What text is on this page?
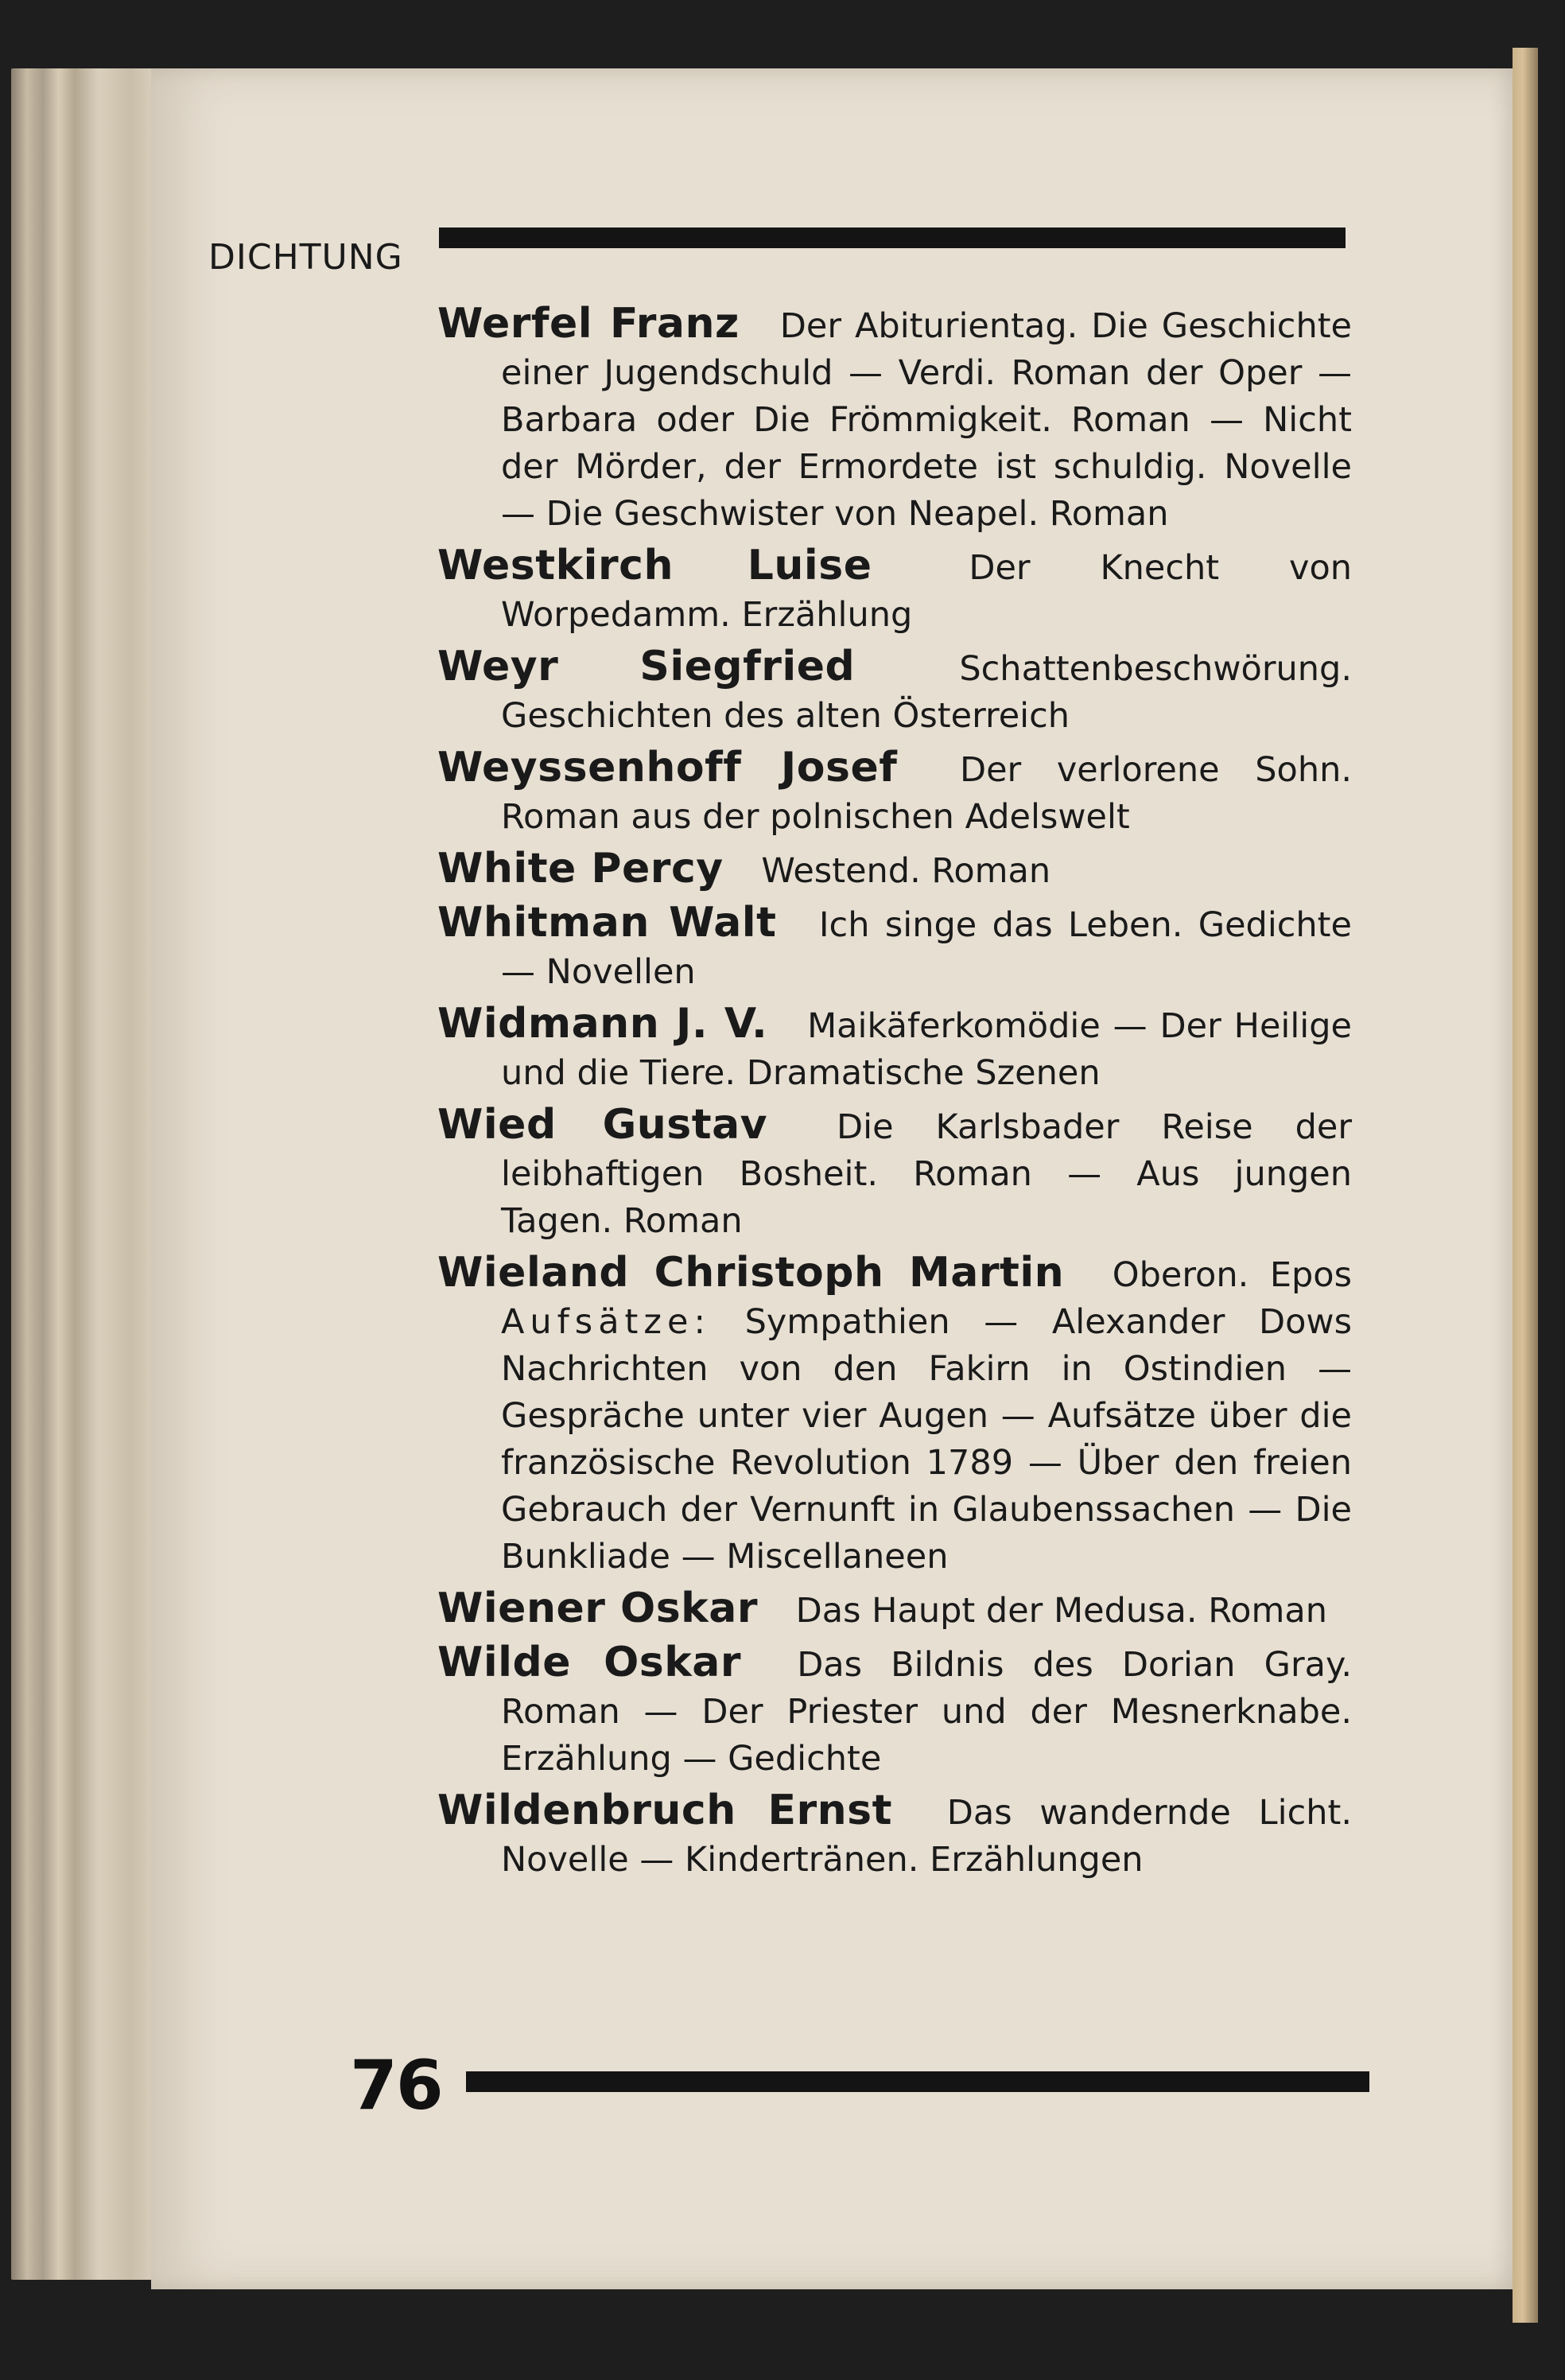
DICHTUNG

Werfel Franz Der Abiturientag. Die Geschichte einer Jugendschuld — Verdi. Roman der Oper — Barbara oder Die Frömmigkeit. Roman — Nicht der Mörder, der Ermordete ist schuldig. Novelle — Die Geschwister von Neapel. Roman

Westkirch Luise	Der Knecht von Worpedamm. Erzählung

Weyr Siegfried	Schattenbeschwörung. Geschichten des alten Österreich

Weyssenhoff Josef Der verlorene Sohn. Roman aus der polnischen Adelswelt

White Percy Westend. Roman

Whitman Walt Ich singe das Leben. Gedichte — Novellen

Widmann J. V. Maikäferkomödie — Der Heilige und die Tiere. Dramatische Szenen

Wied Gustav Die Karlsbader Reise der leibhaftigen Bosheit. Roman — Aus jungen Tagen. Roman

Wieland Christoph Martin Oberon. Epos Aufsätze: Sympathien — Alexander Dows Nachrichten von den Fakirn in Ostindien — Gespräche unter vier Augen — Aufsätze über die französische Revolution 1789 — Über den freien Gebrauch der Vernunft in Glaubenssachen — Die Bunkliade — Miscellaneen

Wiener Oskar Das Haupt der Medusa. Roman

Wilde Oskar Das Bildnis des Dorian Gray. Roman — Der Priester und der Mesnerknabe. Erzählung — Gedichte

Wildenbruch Ernst Das wandernde Licht. Novelle — Kindertränen. Erzählungen

76
